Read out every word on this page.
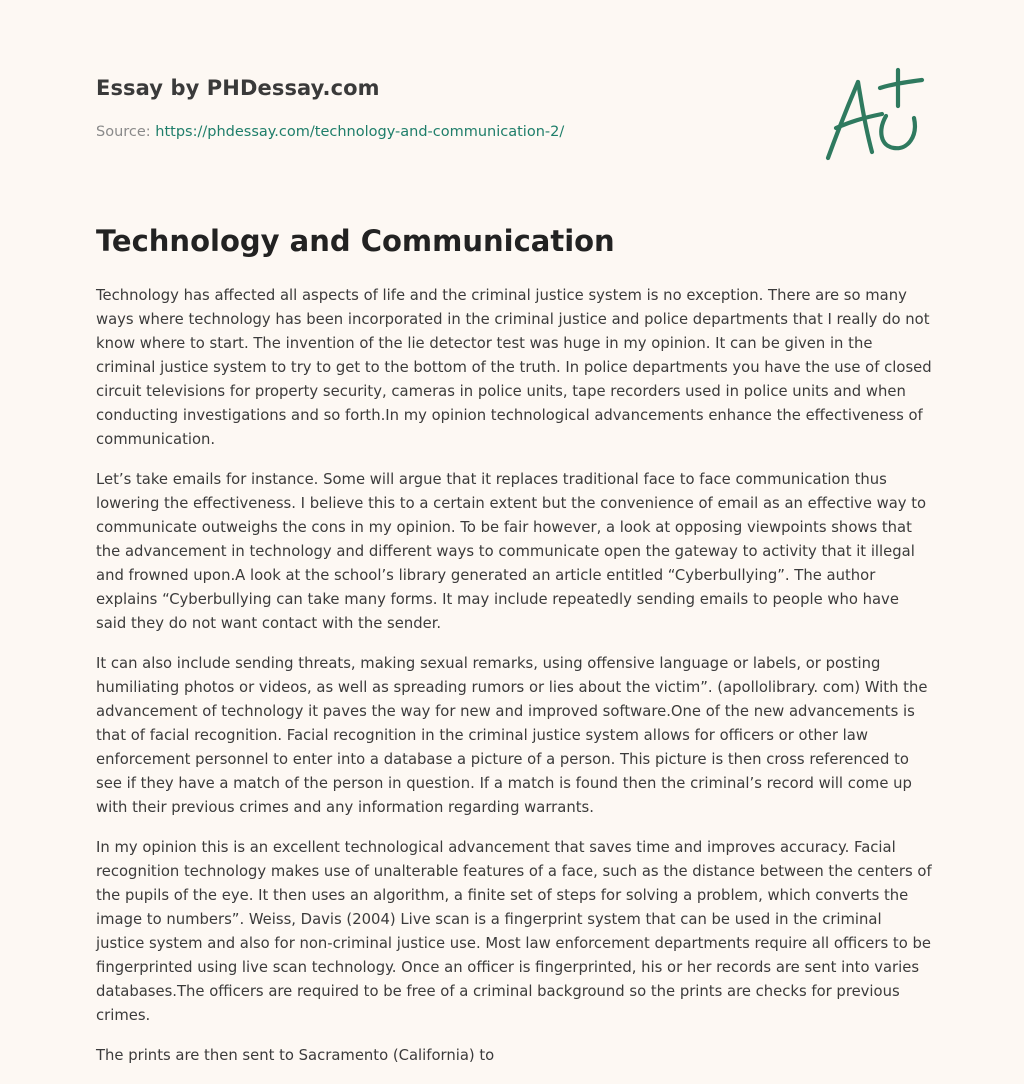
Essay by PHDessay.com

Source: https://phdessay.com/technology-and-communication-2/

Technology and Communication

Technology has affected all aspects of life and the criminal justice system is no exception. There are so many ways where technology has been incorporated in the criminal justice and police departments that I really do not know where to start. The invention of the lie detector test was huge in my opinion. It can be given in the criminal justice system to try to get to the bottom of the truth. In police departments you have the use of closed circuit televisions for property security, cameras in police units, tape recorders used in police units and when conducting investigations and so forth.In my opinion technological advancements enhance the effectiveness of communication.

Let’s take emails for instance. Some will argue that it replaces traditional face to face communication thus lowering the effectiveness. I believe this to a certain extent but the convenience of email as an effective way to communicate outweighs the cons in my opinion. To be fair however, a look at opposing viewpoints shows that the advancement in technology and different ways to communicate open the gateway to activity that it illegal and frowned upon.A look at the school’s library generated an article entitled “Cyberbullying”. The author explains “Cyberbullying can take many forms. It may include repeatedly sending emails to people who have said they do not want contact with the sender.

It can also include sending threats, making sexual remarks, using offensive language or labels, or posting humiliating photos or videos, as well as spreading rumors or lies about the victim”. (apollolibrary. com) With the advancement of technology it paves the way for new and improved software.One of the new advancements is that of facial recognition. Facial recognition in the criminal justice system allows for officers or other law enforcement personnel to enter into a database a picture of a person. This picture is then cross referenced to see if they have a match of the person in question. If a match is found then the criminal’s record will come up with their previous crimes and any information regarding warrants.

In my opinion this is an excellent technological advancement that saves time and improves accuracy. Facial recognition technology makes use of unalterable features of a face, such as the distance between the centers of the pupils of the eye. It then uses an algorithm, a finite set of steps for solving a problem, which converts the image to numbers”. Weiss, Davis (2004) Live scan is a fingerprint system that can be used in the criminal justice system and also for non-criminal justice use. Most law enforcement departments require all officers to be fingerprinted using live scan technology. Once an officer is fingerprinted, his or her records are sent into varies databases.The officers are required to be free of a criminal background so the prints are checks for previous crimes.

The prints are then sent to Sacramento (California) to
